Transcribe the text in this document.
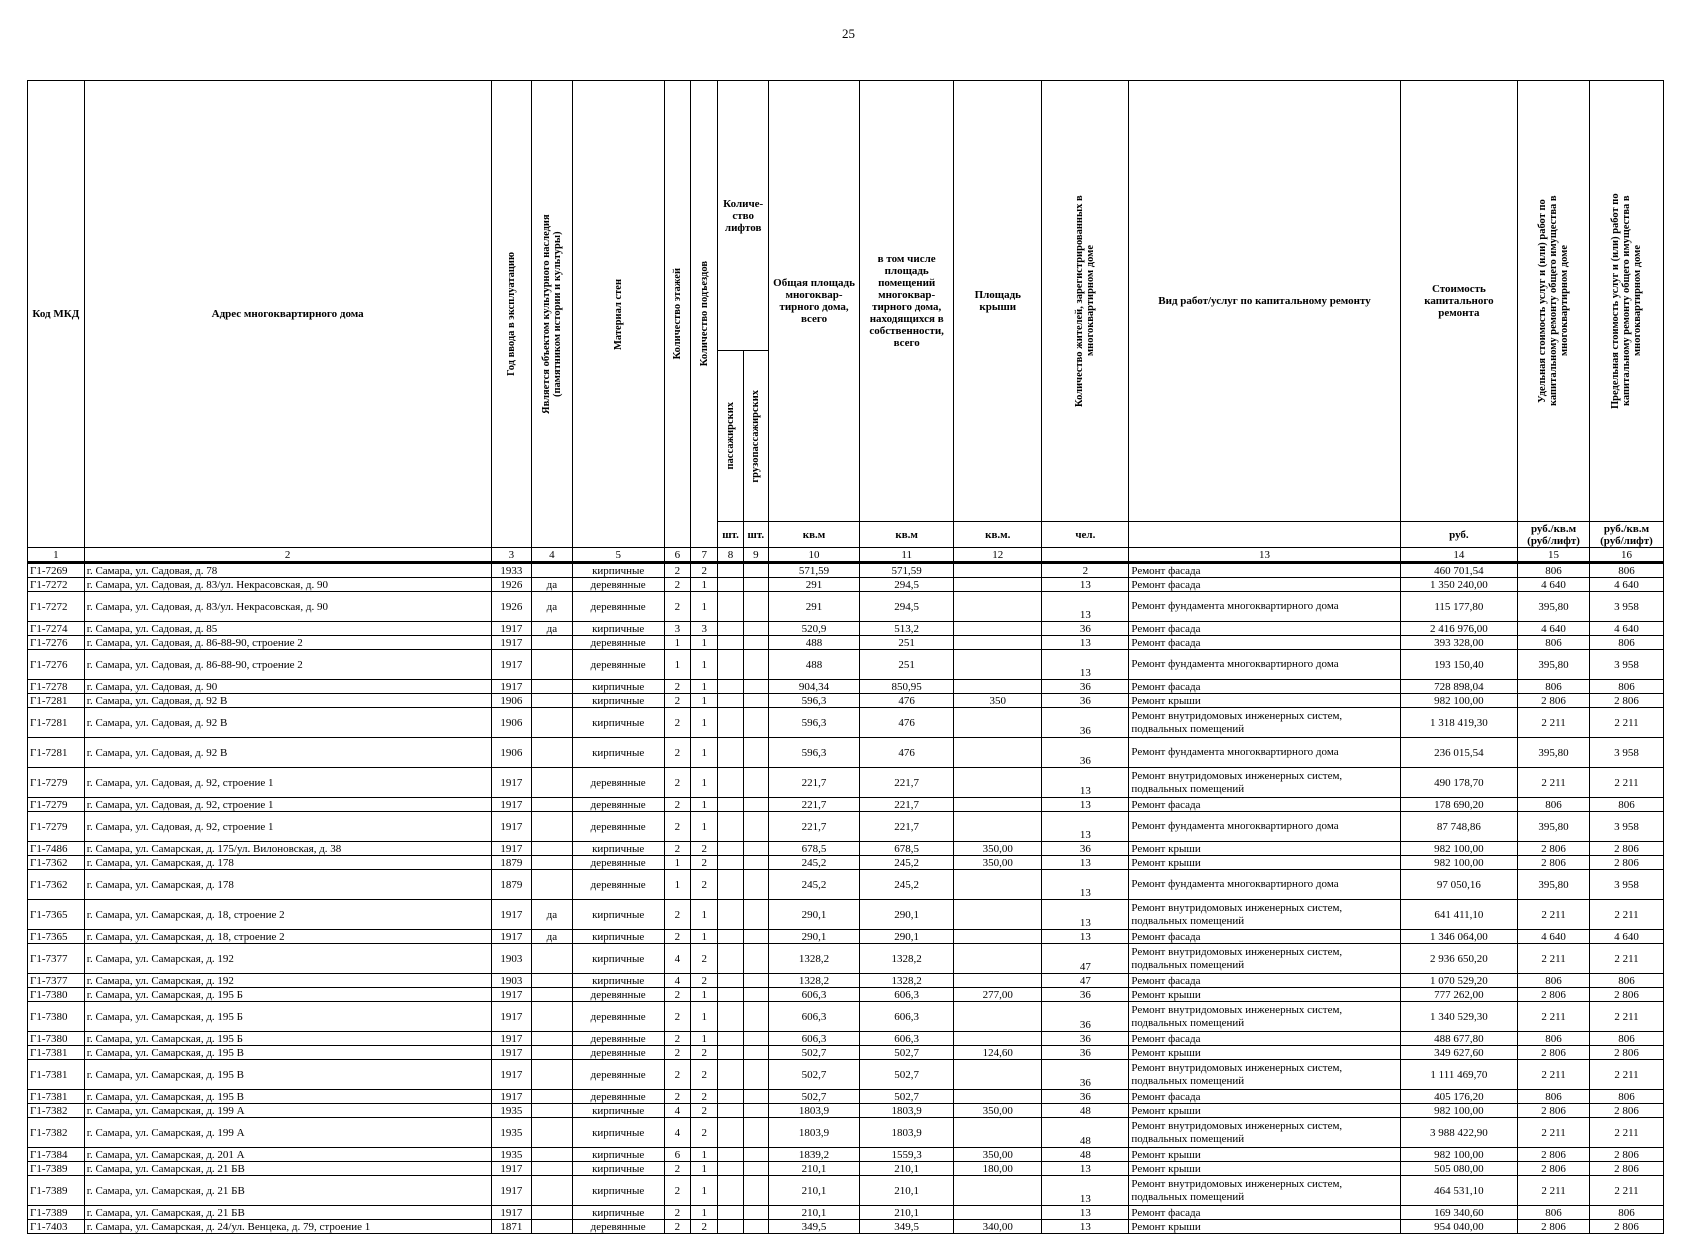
25
Код МКД	Адрес многоквартирного дома	Год ввода в эксплуатацию	Является объектом культурного наследия (памятником истории и культуры)	Материал стен	Количество этажей	Количество подъездов	Количе-ство лифтов		Общая площадь многоквар-тирного дома, всего	в том числе площадь помещений многоквар-тирного дома, находящихся в собственности, всего	Площадь крыши	Количество жителей, зарегистрированных в многоквартирном доме	Вид работ/услуг по капитальному ремонту	Стоимость капитального ремонта	Удельная стоимость услуг и (или) работ по капитальному ремонту общего имущества в многоквартирном доме	Предельная стоимость услуг и (или) работ по капитальному ремонту общего имущества в многоквартирном доме

							пассажирских	грузопассажирских								

							шт.	шт.	кв.м	кв.м	кв.м.	чел.		руб.	руб./кв.м (руб/лифт)	руб./кв.м (руб/лифт)
1	2	3	4	5	6	7	8	9	10	11	12		13	14	15	16
Г1-7269	г. Самара, ул. Садовая, д. 78	1933		кирпичные	2	2			571,59	571,59		2	Ремонт фасада	460 701,54	806	806
Г1-7272	г. Самара, ул. Садовая, д. 83/ул. Некрасовская, д. 90	1926	да	деревянные	2	1			291	294,5		13	Ремонт фасада	1 350 240,00	4 640	4 640
Г1-7272	г. Самара, ул. Садовая, д. 83/ул. Некрасовская, д. 90	1926	да	деревянные	2	1			291	294,5		13	Ремонт фундамента многоквартирного дома	115 177,80	395,80	3 958
Г1-7274	г. Самара, ул. Садовая, д. 85	1917	да	кирпичные	3	3			520,9	513,2		36	Ремонт фасада	2 416 976,00	4 640	4 640
Г1-7276	г. Самара, ул. Садовая, д. 86-88-90, строение 2	1917		деревянные	1	1			488	251		13	Ремонт фасада	393 328,00	806	806
Г1-7276	г. Самара, ул. Садовая, д. 86-88-90, строение 2	1917		деревянные	1	1			488	251		13	Ремонт фундамента многоквартирного дома	193 150,40	395,80	3 958
Г1-7278	г. Самара, ул. Садовая, д. 90	1917		кирпичные	2	1			904,34	850,95		36	Ремонт фасада	728 898,04	806	806
Г1-7281	г. Самара, ул. Садовая, д. 92 В	1906		кирпичные	2	1			596,3	476	350	36	Ремонт крыши	982 100,00	2 806	2 806
Г1-7281	г. Самара, ул. Садовая, д. 92 В	1906		кирпичные	2	1			596,3	476		36	Ремонт внутридомовых инженерных систем, подвальных помещений	1 318 419,30	2 211	2 211
Г1-7281	г. Самара, ул. Садовая, д. 92 В	1906		кирпичные	2	1			596,3	476		36	Ремонт фундамента многоквартирного дома	236 015,54	395,80	3 958
Г1-7279	г. Самара, ул. Садовая, д. 92, строение 1	1917		деревянные	2	1			221,7	221,7		13	Ремонт внутридомовых инженерных систем, подвальных помещений	490 178,70	2 211	2 211
Г1-7279	г. Самара, ул. Садовая, д. 92, строение 1	1917		деревянные	2	1			221,7	221,7		13	Ремонт фасада	178 690,20	806	806
Г1-7279	г. Самара, ул. Садовая, д. 92, строение 1	1917		деревянные	2	1			221,7	221,7		13	Ремонт фундамента многоквартирного дома	87 748,86	395,80	3 958
Г1-7486	г. Самара, ул. Самарская, д. 175/ул. Вилоновская, д. 38	1917		кирпичные	2	2			678,5	678,5	350,00	36	Ремонт крыши	982 100,00	2 806	2 806
Г1-7362	г. Самара, ул. Самарская, д. 178	1879		деревянные	1	2			245,2	245,2	350,00	13	Ремонт крыши	982 100,00	2 806	2 806
Г1-7362	г. Самара, ул. Самарская, д. 178	1879		деревянные	1	2			245,2	245,2		13	Ремонт фундамента многоквартирного дома	97 050,16	395,80	3 958
Г1-7365	г. Самара, ул. Самарская, д. 18, строение 2	1917	да	кирпичные	2	1			290,1	290,1		13	Ремонт внутридомовых инженерных систем, подвальных помещений	641 411,10	2 211	2 211
Г1-7365	г. Самара, ул. Самарская, д. 18, строение 2	1917	да	кирпичные	2	1			290,1	290,1		13	Ремонт фасада	1 346 064,00	4 640	4 640
Г1-7377	г. Самара, ул. Самарская, д. 192	1903		кирпичные	4	2			1328,2	1328,2		47	Ремонт внутридомовых инженерных систем, подвальных помещений	2 936 650,20	2 211	2 211
Г1-7377	г. Самара, ул. Самарская, д. 192	1903		кирпичные	4	2			1328,2	1328,2		47	Ремонт фасада	1 070 529,20	806	806
Г1-7380	г. Самара, ул. Самарская, д. 195 Б	1917		деревянные	2	1			606,3	606,3	277,00	36	Ремонт крыши	777 262,00	2 806	2 806
Г1-7380	г. Самара, ул. Самарская, д. 195 Б	1917		деревянные	2	1			606,3	606,3		36	Ремонт внутридомовых инженерных систем, подвальных помещений	1 340 529,30	2 211	2 211
Г1-7380	г. Самара, ул. Самарская, д. 195 Б	1917		деревянные	2	1			606,3	606,3		36	Ремонт фасада	488 677,80	806	806
Г1-7381	г. Самара, ул. Самарская, д. 195 В	1917		деревянные	2	2			502,7	502,7	124,60	36	Ремонт крыши	349 627,60	2 806	2 806
Г1-7381	г. Самара, ул. Самарская, д. 195 В	1917		деревянные	2	2			502,7	502,7		36	Ремонт внутридомовых инженерных систем, подвальных помещений	1 111 469,70	2 211	2 211
Г1-7381	г. Самара, ул. Самарская, д. 195 В	1917		деревянные	2	2			502,7	502,7		36	Ремонт фасада	405 176,20	806	806
Г1-7382	г. Самара, ул. Самарская, д. 199 А	1935		кирпичные	4	2			1803,9	1803,9	350,00	48	Ремонт крыши	982 100,00	2 806	2 806
Г1-7382	г. Самара, ул. Самарская, д. 199 А	1935		кирпичные	4	2			1803,9	1803,9		48	Ремонт внутридомовых инженерных систем, подвальных помещений	3 988 422,90	2 211	2 211
Г1-7384	г. Самара, ул. Самарская, д. 201 А	1935		кирпичные	6	1			1839,2	1559,3	350,00	48	Ремонт крыши	982 100,00	2 806	2 806
Г1-7389	г. Самара, ул. Самарская, д. 21 БВ	1917		кирпичные	2	1			210,1	210,1	180,00	13	Ремонт крыши	505 080,00	2 806	2 806
Г1-7389	г. Самара, ул. Самарская, д. 21 БВ	1917		кирпичные	2	1			210,1	210,1		13	Ремонт внутридомовых инженерных систем, подвальных помещений	464 531,10	2 211	2 211
Г1-7389	г. Самара, ул. Самарская, д. 21 БВ	1917		кирпичные	2	1			210,1	210,1		13	Ремонт фасада	169 340,60	806	806
Г1-7403	г. Самара, ул. Самарская, д. 24/ул. Венцека, д. 79, строение 1	1871		деревянные	2	2			349,5	349,5	340,00	13	Ремонт крыши	954 040,00	2 806	2 806
